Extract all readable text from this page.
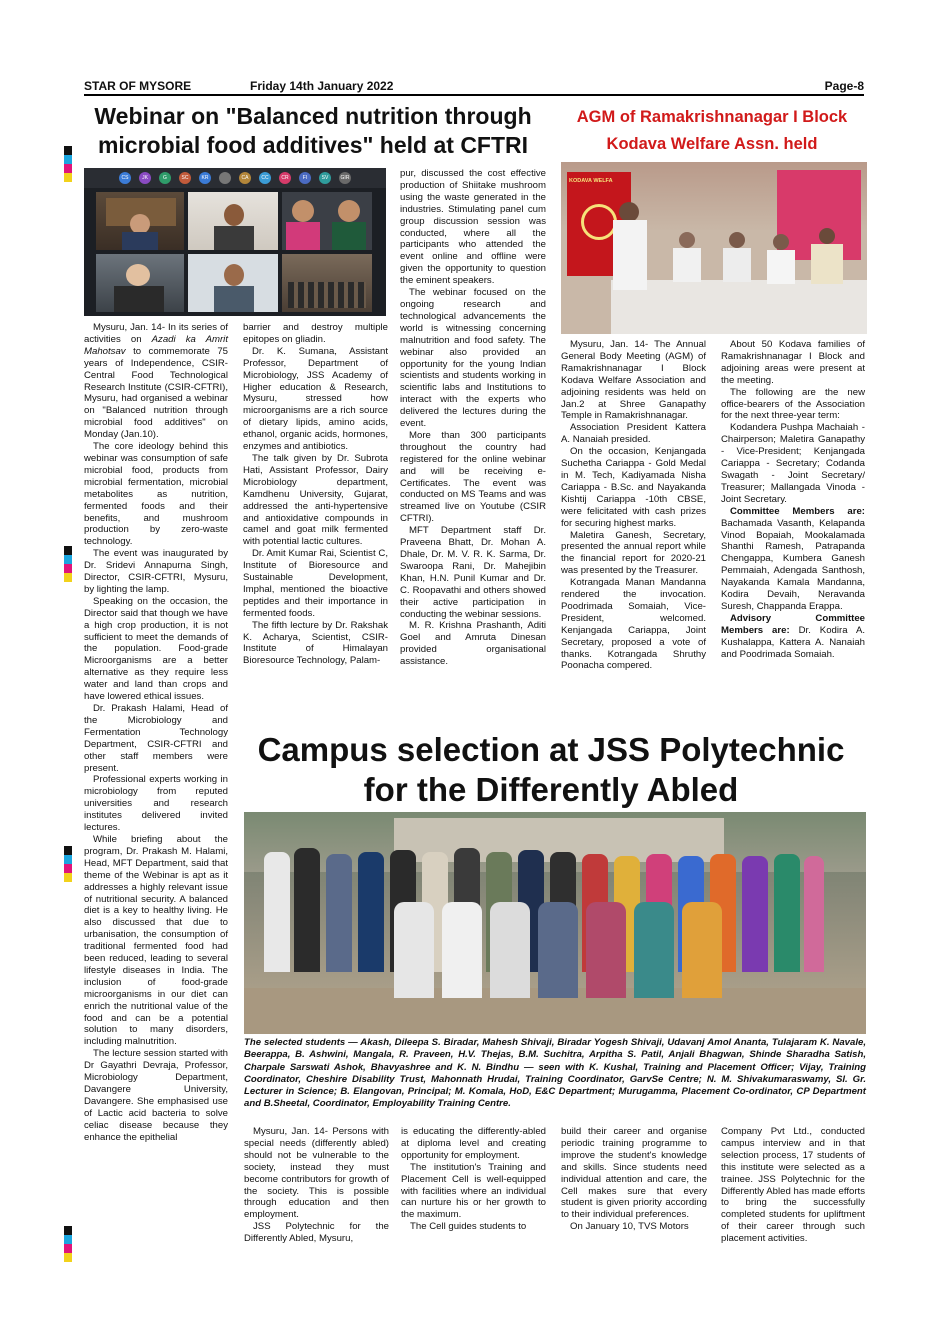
STAR OF MYSORE	Friday 14th January 2022	Page-8
Webinar on "Balanced nutrition through
microbial food additives" held at CFTRI
CS	JK	G	SC	KR	CA	CC	CR	FI	SV	GIR

Mysuru, Jan. 14- In its series of activities on Azadi ka Amrit Mahotsav to commemorate 75 years of Independence, CSIR-Central Food Technological Research Institute (CSIR-CFTRI), Mysuru, had organised a webinar on "Balanced nutrition through microbial food additives" on Monday (Jan.10).

The core ideology behind this webinar was consumption of safe microbial food, products from microbial fermentation, microbial metabolites as nutrition, fermented foods and their benefits, and mushroom production by zero-waste technology.

The event was inaugurated by Dr. Sridevi Annapurna Singh, Director, CSIR-CFTRI, Mysuru, by lighting the lamp.

Speaking on the occasion, the Director said that though we have a high crop production, it is not sufficient to meet the demands of the population. Food-grade Microorganisms are a better alternative as they require less water and land than crops and have lowered ethical issues.

Dr. Prakash Halami, Head of the Microbiology and Fermentation Technology Department, CSIR-CFTRI and other staff members were present.

Professional experts working in microbiology from reputed universities and research institutes delivered invited lectures.

While briefing about the program, Dr. Prakash M. Halami, Head, MFT Department, said that theme of the Webinar is apt as it addresses a highly relevant issue of nutritional security. A balanced diet is a key to healthy living. He also discussed that due to urbanisation, the consumption of traditional fermented food had been reduced, leading to several lifestyle diseases in India. The inclusion of food-grade microorganisms in our diet can enrich the nutritional value of the food and can be a potential solution to many disorders, including malnutrition.

The lecture session started with Dr Gayathri Devraja, Professor, Microbiology Department, Davangere University, Davangere. She emphasised use of Lactic acid bacteria to solve celiac disease because they enhance the epithelial

barrier and destroy multiple epitopes on gliadin.

Dr. K. Sumana, Assistant Professor, Department of Microbiology, JSS Academy of Higher education & Research, Mysuru, stressed how microorganisms are a rich source of dietary lipids, amino acids, ethanol, organic acids, hormones, enzymes and antibiotics.

The talk given by Dr. Subrota Hati, Assistant Professor, Dairy Microbiology department, Kamdhenu University, Gujarat, addressed the anti-hypertensive and antioxidative compounds in camel and goat milk fermented with potential lactic cultures.

Dr. Amit Kumar Rai, Scientist C, Institute of Bioresource and Sustainable Development, Imphal, mentioned the bioactive peptides and their importance in fermented foods.

The fifth lecture by Dr. Rakshak K. Acharya, Scientist, CSIR-Institute of Himalayan Bioresource Technology, Palam-

pur, discussed the cost effective production of Shiitake mushroom using the waste generated in the industries. Stimulating panel cum group discussion session was conducted, where all the participants who attended the event online and offline were given the opportunity to question the eminent speakers.

The webinar focused on the ongoing research and technological advancements the world is witnessing concerning malnutrition and food safety. The webinar also provided an opportunity for the young Indian scientists and students working in scientific labs and Institutions to interact with the experts who delivered the lectures during the event.

More than 300 participants throughout the country had registered for the online webinar and will be receiving e-Certificates. The event was conducted on MS Teams and was streamed live on Youtube (CSIR CFTRI).

MFT Department staff Dr. Praveena Bhatt, Dr. Mohan A. Dhale, Dr. M. V. R. K. Sarma, Dr. Swaroopa Rani, Dr. Mahejibin Khan, H.N. Punil Kumar and Dr. C. Roopavathi and others showed their active participation in conducting the webinar sessions.

M. R. Krishna Prashanth, Aditi Goel and Amruta Dinesan provided organisational assistance.

AGM of Ramakrishnanagar I Block
Kodava Welfare Assn. held
KODAVA WELFA

Mysuru, Jan. 14- The Annual General Body Meeting (AGM) of Ramakrishnanagar I Block Kodava Welfare Association and adjoining residents was held on Jan.2 at Shree Ganapathy Temple in Ramakrishnanagar.

Association President Kattera A. Nanaiah presided.

On the occasion, Kenjangada Suchetha Cariappa - Gold Medal in M. Tech, Kadiyamada Nisha Cariappa - B.Sc. and Nayakanda Kishtij Cariappa -10th CBSE, were felicitated with cash prizes for securing highest marks.

Maletira Ganesh, Secretary, presented the annual report while the financial report for 2020-21 was presented by the Treasurer.

Kotrangada Manan Mandanna rendered the invocation. Poodrimada Somaiah, Vice-President, welcomed. Kenjangada Cariappa, Joint Secretary, proposed a vote of thanks. Kotrangada Shruthy Poonacha compered.

About 50 Kodava families of Ramakrishnanagar I Block and adjoining areas were present at the meeting.

The following are the new office-bearers of the Association for the next three-year term:

Kodandera Pushpa Machaiah - Chairperson; Maletira Ganapathy - Vice-President; Kenjangada Cariappa - Secretary; Codanda Swagath - Joint Secretary/ Treasurer; Mallangada Vinoda - Joint Secretary.

Committee Members are: Bachamada Vasanth, Kelapanda Vinod Bopaiah, Mookalamada Shanthi Ramesh, Patrapanda Chengappa, Kumbera Ganesh Pemmaiah, Adengada Santhosh, Nayakanda Kamala Mandanna, Kodira Devaih, Neravanda Suresh, Chappanda Erappa.

Advisory Committee Members are: Dr. Kodira A. Kushalappa, Kattera A. Nanaiah and Poodrimada Somaiah.

Campus selection at JSS Polytechnic
for the Differently Abled
The selected students — Akash, Dileepa S. Biradar, Mahesh Shivaji, Biradar Yogesh Shivaji, Udavanj Amol Ananta, Tulajaram K. Navale, Beerappa, B. Ashwini, Mangala, R. Praveen, H.V. Thejas, B.M. Suchitra, Arpitha S. Patil, Anjali Bhagwan, Shinde Sharadha Satish, Charpale Sarswati Ashok, Bhavyashree and K. N. Bindhu — seen with K. Kushal, Training and Placement Officer; Vijay, Training Coordinator, Cheshire Disability Trust, Mahonnath Hrudai, Training Coordinator, GarvSe Centre; N. M. Shivakumaraswamy, Sl. Gr. Lecturer in Science; B. Elangovan, Principal; M. Komala, HoD, E&C Department; Murugamma, Placement Co-ordinator, CP Department and B.Sheetal, Coordinator, Employability Training Centre.

Mysuru, Jan. 14- Persons with special needs (differently abled) should not be vulnerable to the society, instead they must become contributors for growth of the society. This is possible through education and then employment.

JSS Polytechnic for the Differently Abled, Mysuru,

is educating the differently-abled at diploma level and creating opportunity for employment.

The institution's Training and Placement Cell is well-equipped with facilities where an individual can nurture his or her growth to the maximum.

The Cell guides students to

build their career and organise periodic training programme to improve the student's knowledge and skills. Since students need individual attention and care, the Cell makes sure that every student is given priority according to their individual preferences.

On January 10, TVS Motors

Company Pvt Ltd., conducted campus interview and in that selection process, 17 students of this institute were selected as a trainee. JSS Polytechnic for the Differently Abled has made efforts to bring the successfully completed students for upliftment of their career through such placement activities.
